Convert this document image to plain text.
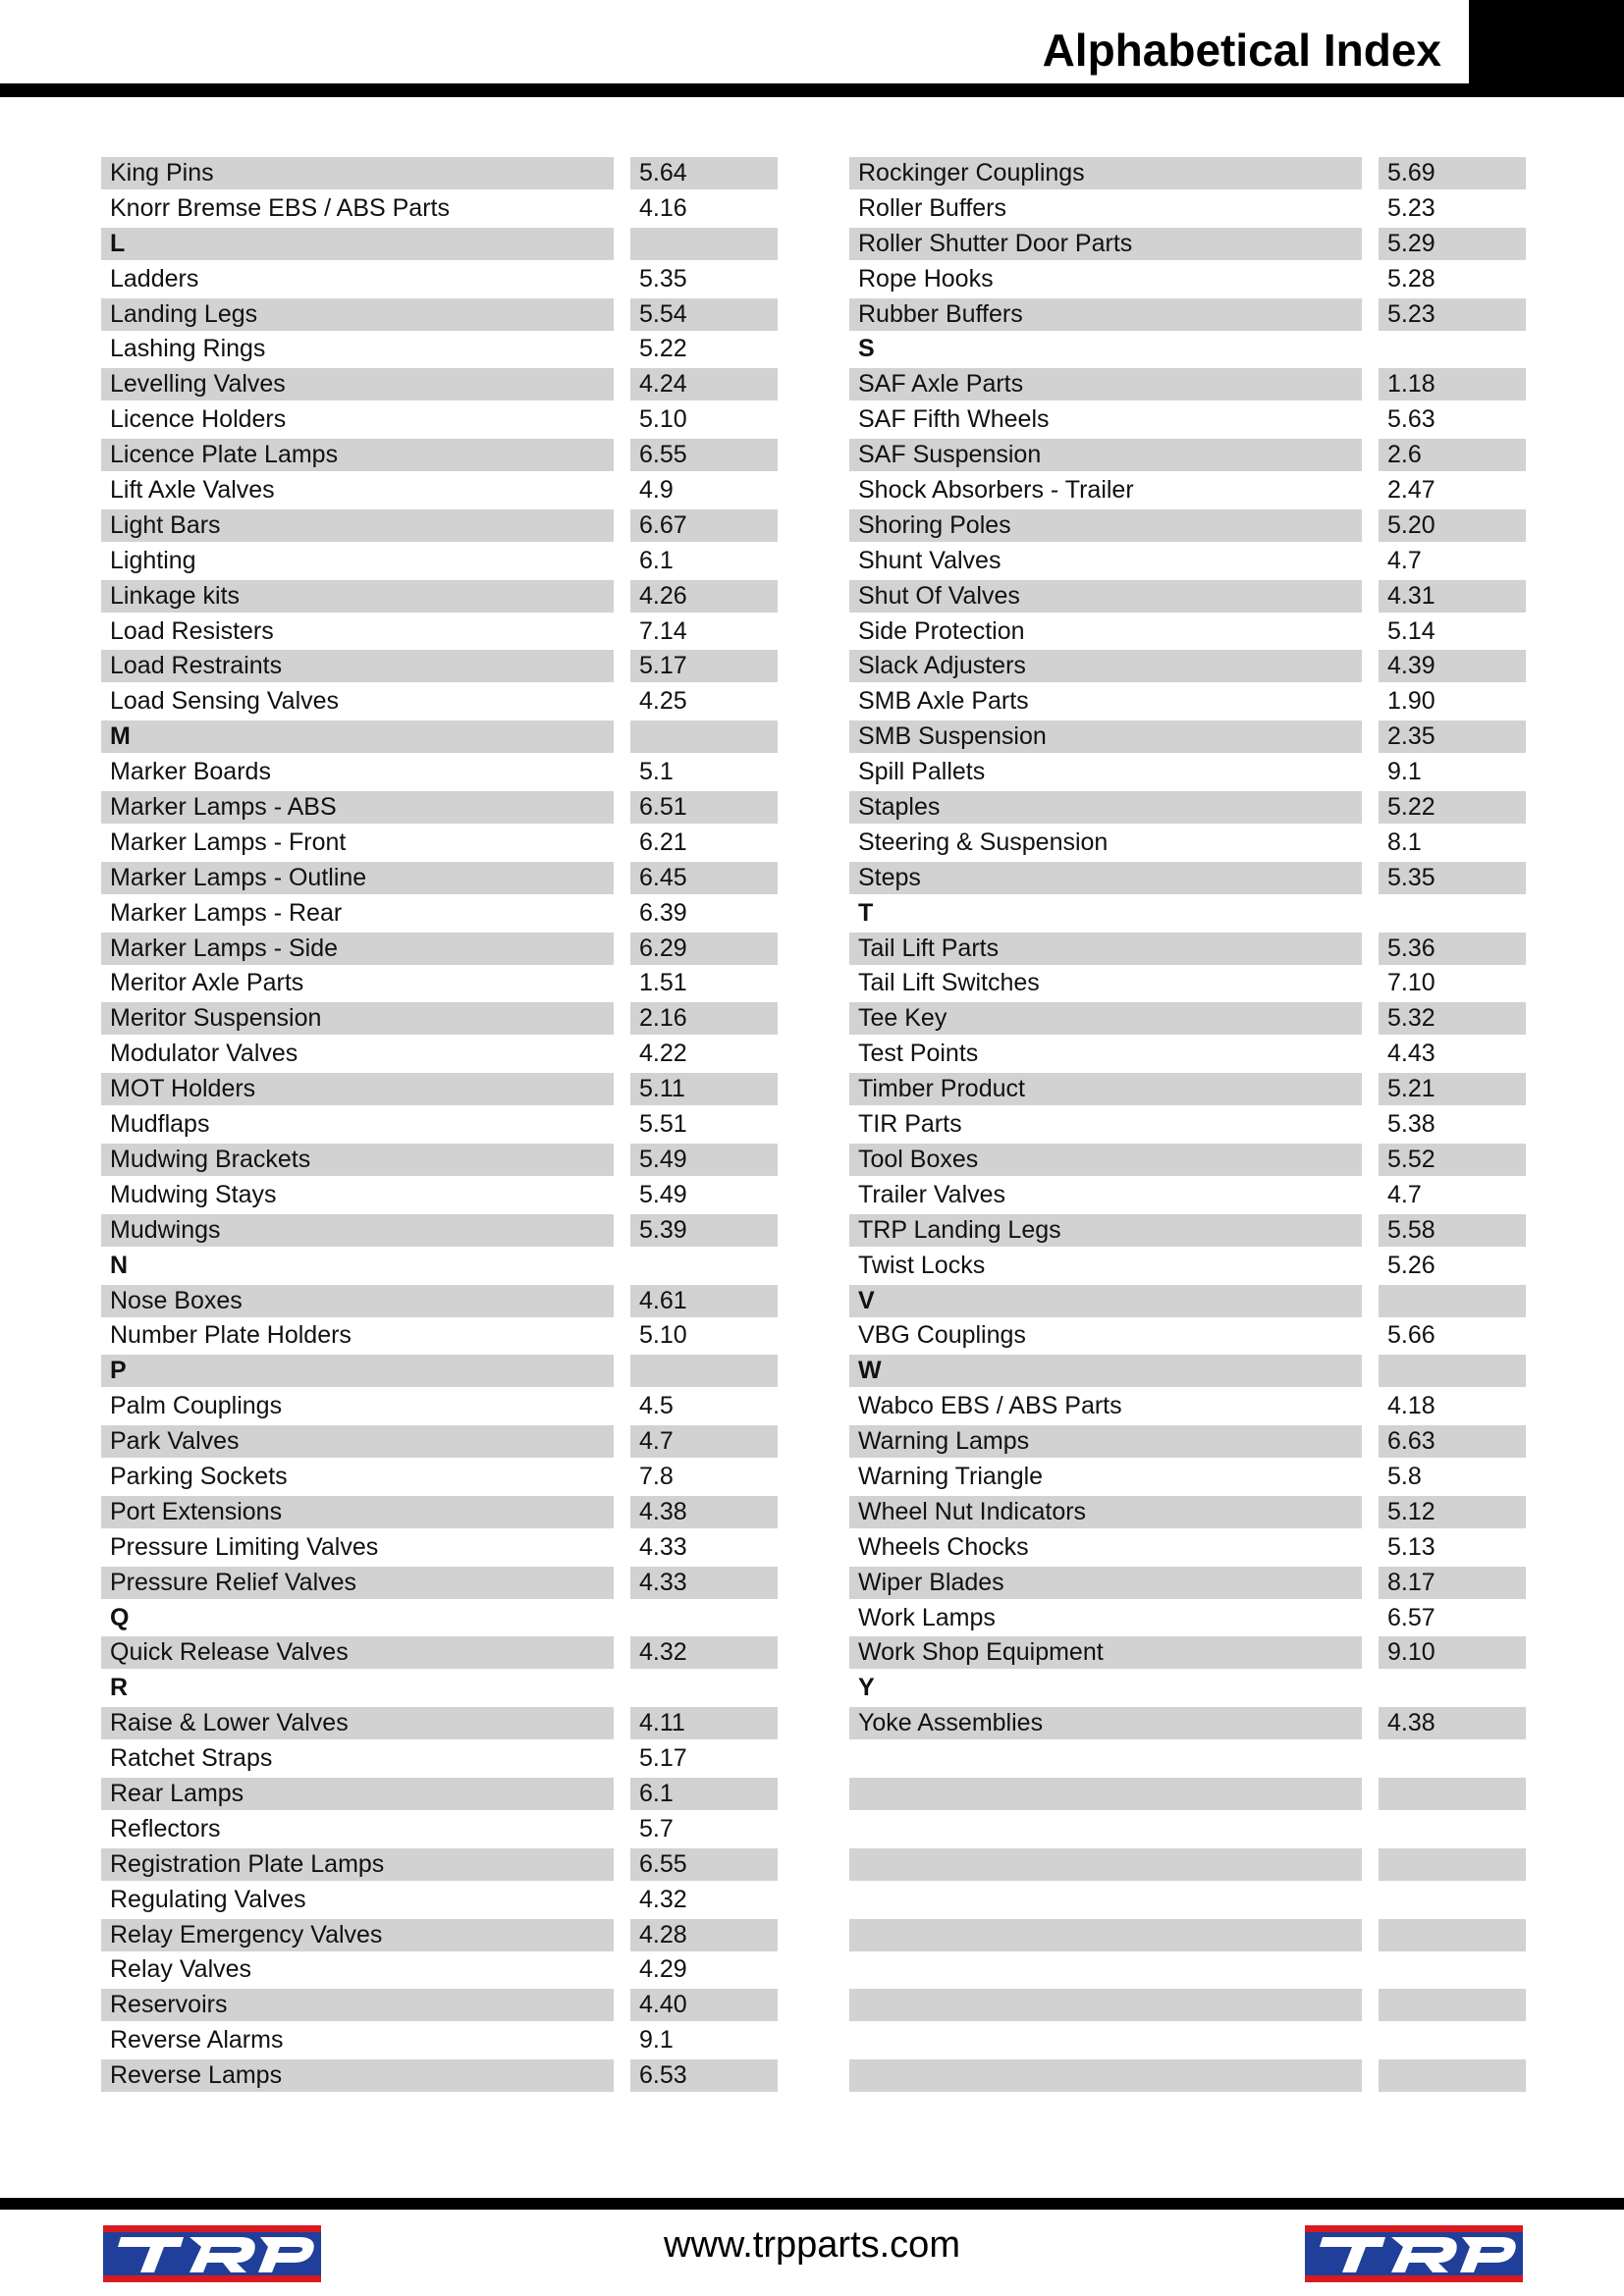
Alphabetical Index
King Pins	5.64
Knorr Bremse EBS / ABS Parts	4.16
L
Ladders	5.35
Landing Legs	5.54
Lashing Rings	5.22
Levelling Valves	4.24
Licence Holders	5.10
Licence Plate Lamps	6.55
Lift Axle Valves	4.9
Light Bars	6.67
Lighting	6.1
Linkage kits	4.26
Load Resisters	7.14
Load Restraints	5.17
Load Sensing Valves	4.25
M
Marker Boards	5.1
Marker Lamps - ABS	6.51
Marker Lamps - Front	6.21
Marker Lamps - Outline	6.45
Marker Lamps - Rear	6.39
Marker Lamps - Side	6.29
Meritor Axle Parts	1.51
Meritor Suspension	2.16
Modulator Valves	4.22
MOT Holders	5.11
Mudflaps	5.51
Mudwing Brackets	5.49
Mudwing Stays	5.49
Mudwings	5.39
N
Nose Boxes	4.61
Number Plate Holders	5.10
P
Palm Couplings	4.5
Park Valves	4.7
Parking Sockets	7.8
Port Extensions	4.38
Pressure Limiting Valves	4.33
Pressure Relief Valves	4.33
Q
Quick Release Valves	4.32
R
Raise & Lower Valves	4.11
Ratchet Straps	5.17
Rear Lamps	6.1
Reflectors	5.7
Registration Plate Lamps	6.55
Regulating Valves	4.32
Relay Emergency Valves	4.28
Relay Valves	4.29
Reservoirs	4.40
Reverse Alarms	9.1
Reverse Lamps	6.53
Rockinger Couplings	5.69
Roller Buffers	5.23
Roller Shutter Door Parts	5.29
Rope Hooks	5.28
Rubber Buffers	5.23
S
SAF Axle Parts	1.18
SAF Fifth Wheels	5.63
SAF Suspension	2.6
Shock Absorbers - Trailer	2.47
Shoring Poles	5.20
Shunt Valves	4.7
Shut Of Valves	4.31
Side Protection	5.14
Slack Adjusters	4.39
SMB Axle Parts	1.90
SMB Suspension	2.35
Spill Pallets	9.1
Staples	5.22
Steering & Suspension	8.1
Steps	5.35
T
Tail Lift Parts	5.36
Tail Lift Switches	7.10
Tee Key	5.32
Test Points	4.43
Timber Product	5.21
TIR Parts	5.38
Tool Boxes	5.52
Trailer Valves	4.7
TRP Landing Legs	5.58
Twist Locks	5.26
V
VBG Couplings	5.66
W
Wabco EBS / ABS Parts	4.18
Warning Lamps	6.63
Warning Triangle	5.8
Wheel Nut Indicators	5.12
Wheels Chocks	5.13
Wiper Blades	8.17
Work Lamps	6.57
Work Shop Equipment	9.10
Y
Yoke Assemblies	4.38
www.trpparts.com
